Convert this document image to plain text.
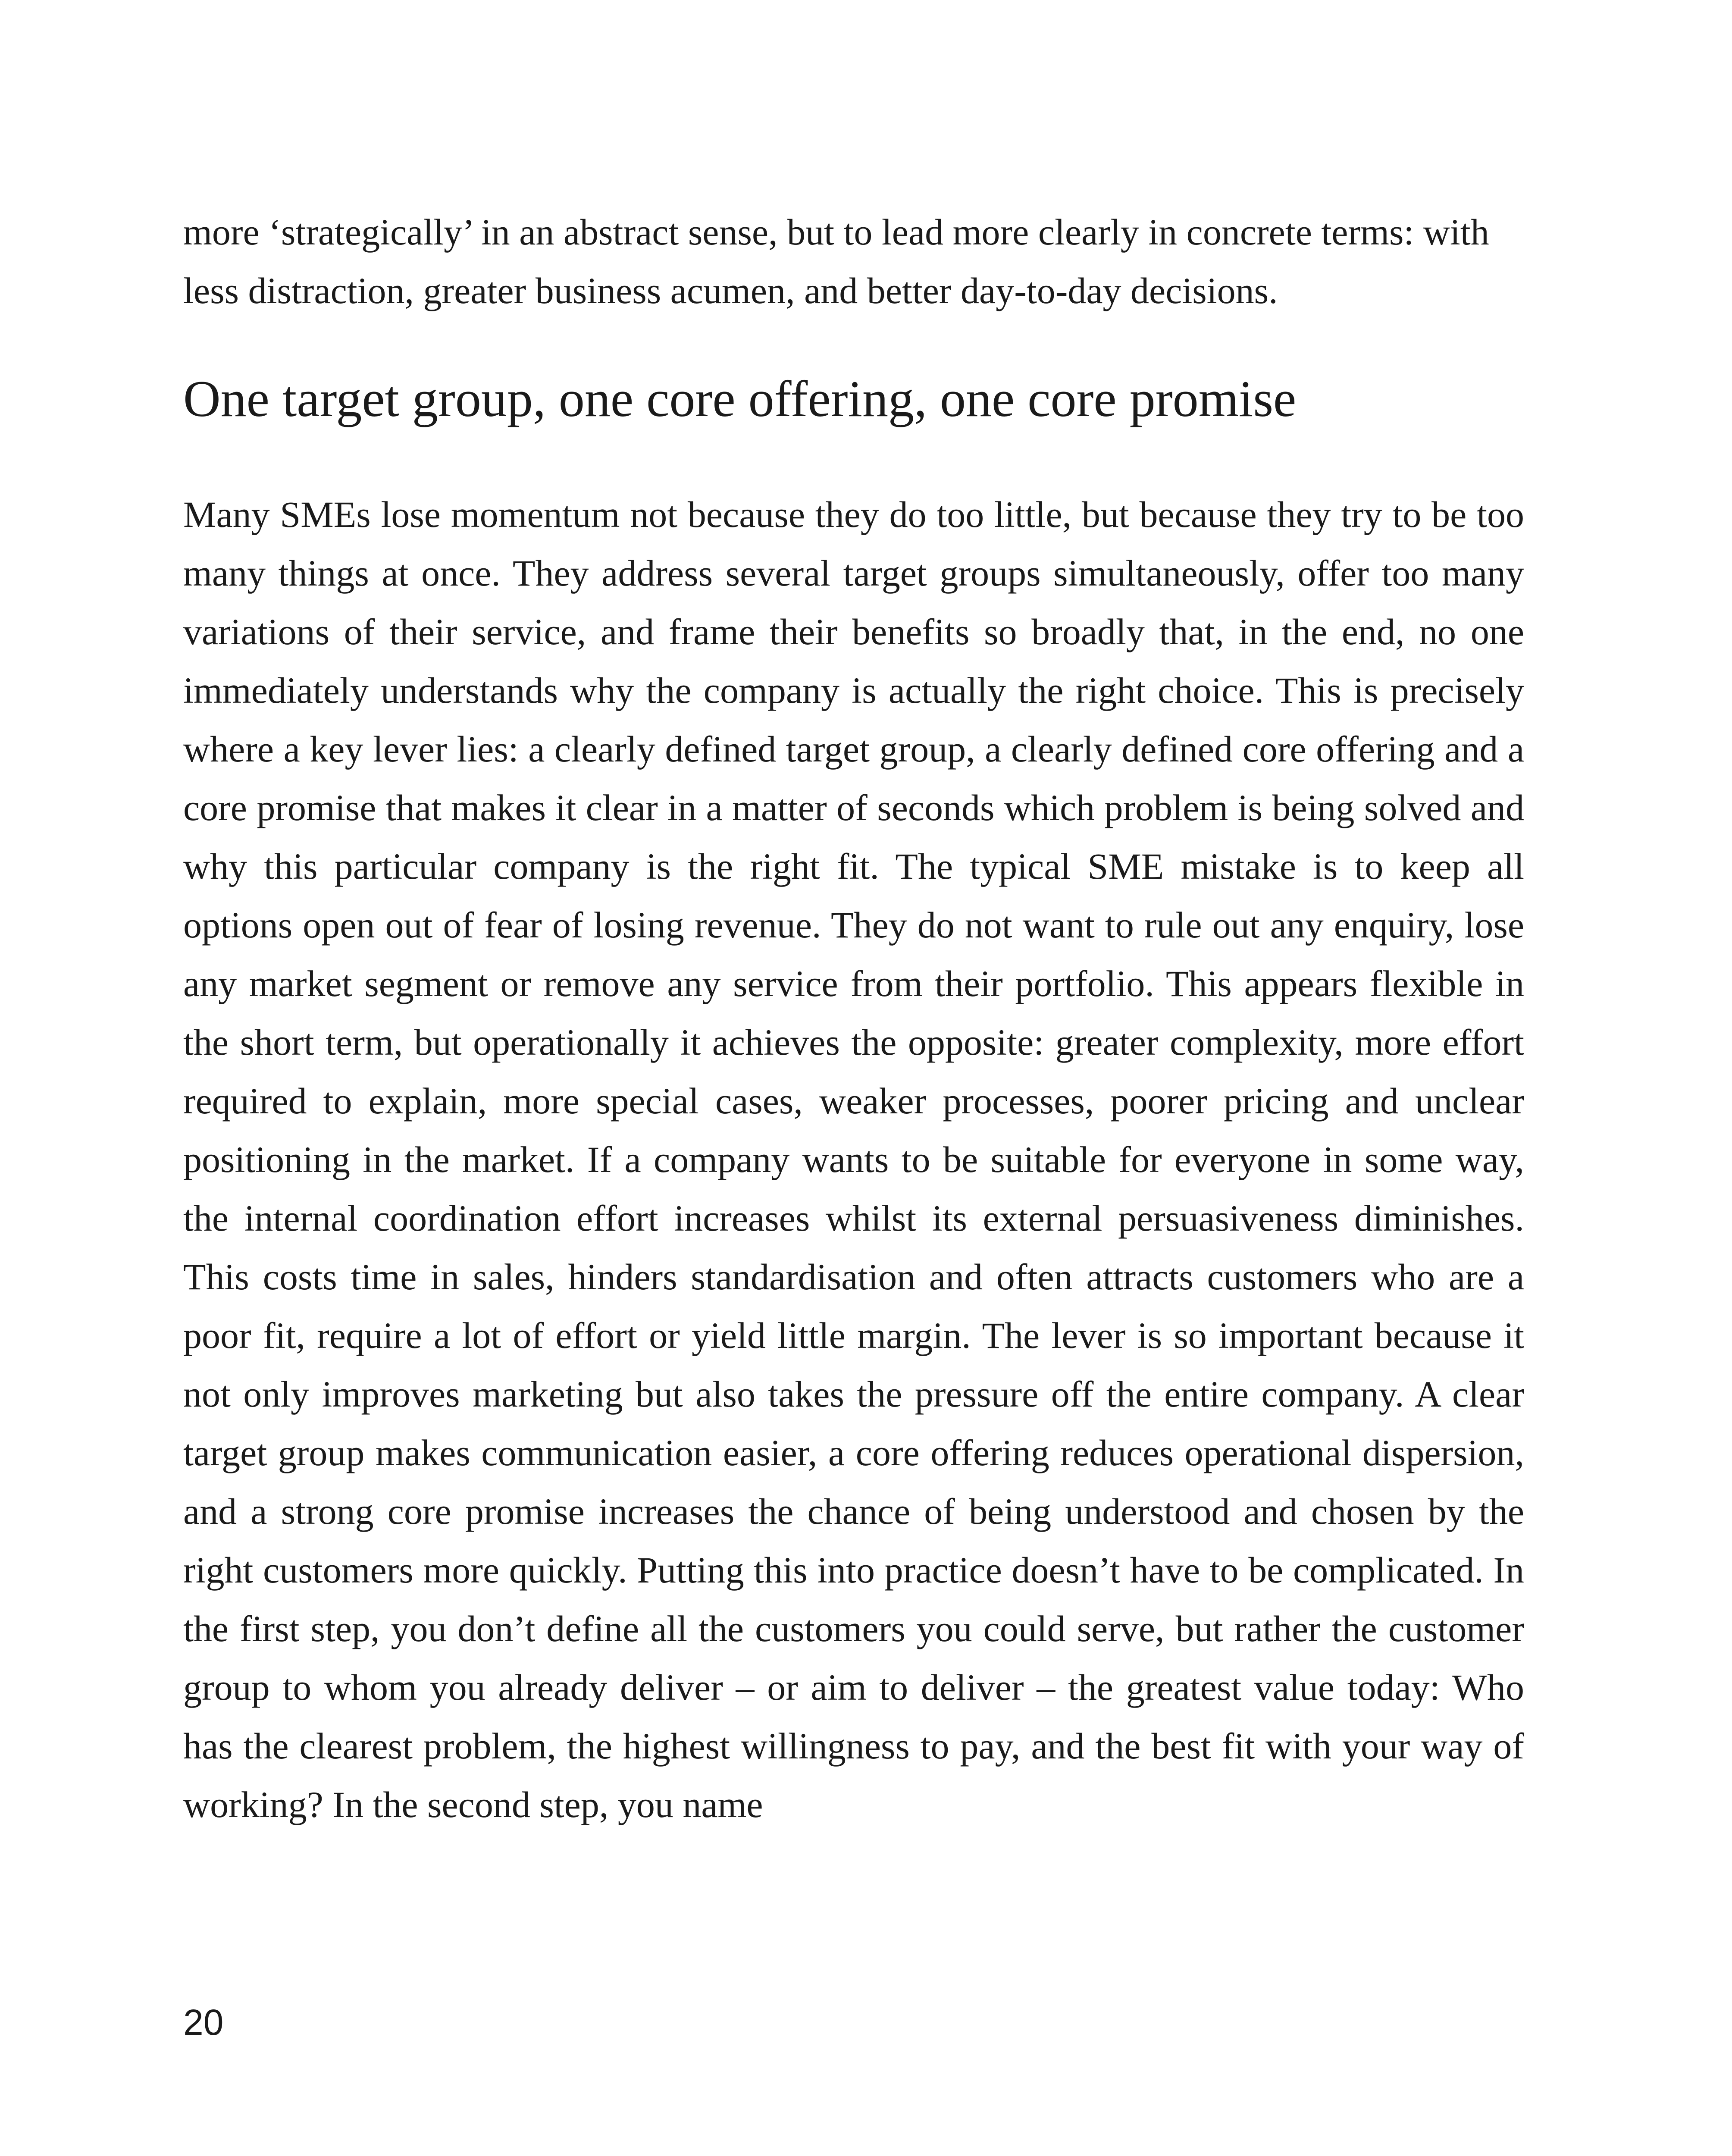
more ‘strategically’ in an abstract sense, but to lead more clearly in concrete terms: with less distraction, greater business acumen, and better day-to-day decisions.
One target group, one core offering, one core promise
Many SMEs lose momentum not because they do too little, but because they try to be too many things at once. They address several target groups simultaneously, offer too many variations of their service, and frame their benefits so broadly that, in the end, no one immediately understands why the company is actually the right choice. This is precisely where a key lever lies: a clearly defined target group, a clearly defined core offering and a core promise that makes it clear in a matter of seconds which problem is being solved and why this particular company is the right fit. The typical SME mistake is to keep all options open out of fear of losing revenue. They do not want to rule out any enquiry, lose any market segment or remove any service from their portfolio. This appears flexible in the short term, but operationally it achieves the opposite: greater complexity, more effort required to explain, more special cases, weaker processes, poorer pricing and unclear positioning in the market. If a company wants to be suitable for everyone in some way, the internal coordination effort increases whilst its external persuasiveness diminishes. This costs time in sales, hinders standardisation and often attracts customers who are a poor fit, require a lot of effort or yield little margin. The lever is so important because it not only improves marketing but also takes the pressure off the entire company. A clear target group makes communication easier, a core offering reduces operational dispersion, and a strong core promise increases the chance of being understood and chosen by the right customers more quickly. Putting this into practice doesn’t have to be complicated. In the first step, you don’t define all the customers you could serve, but rather the customer group to whom you already deliver – or aim to deliver – the greatest value today: Who has the clearest problem, the highest willingness to pay, and the best fit with your way of working? In the second step, you name
20
